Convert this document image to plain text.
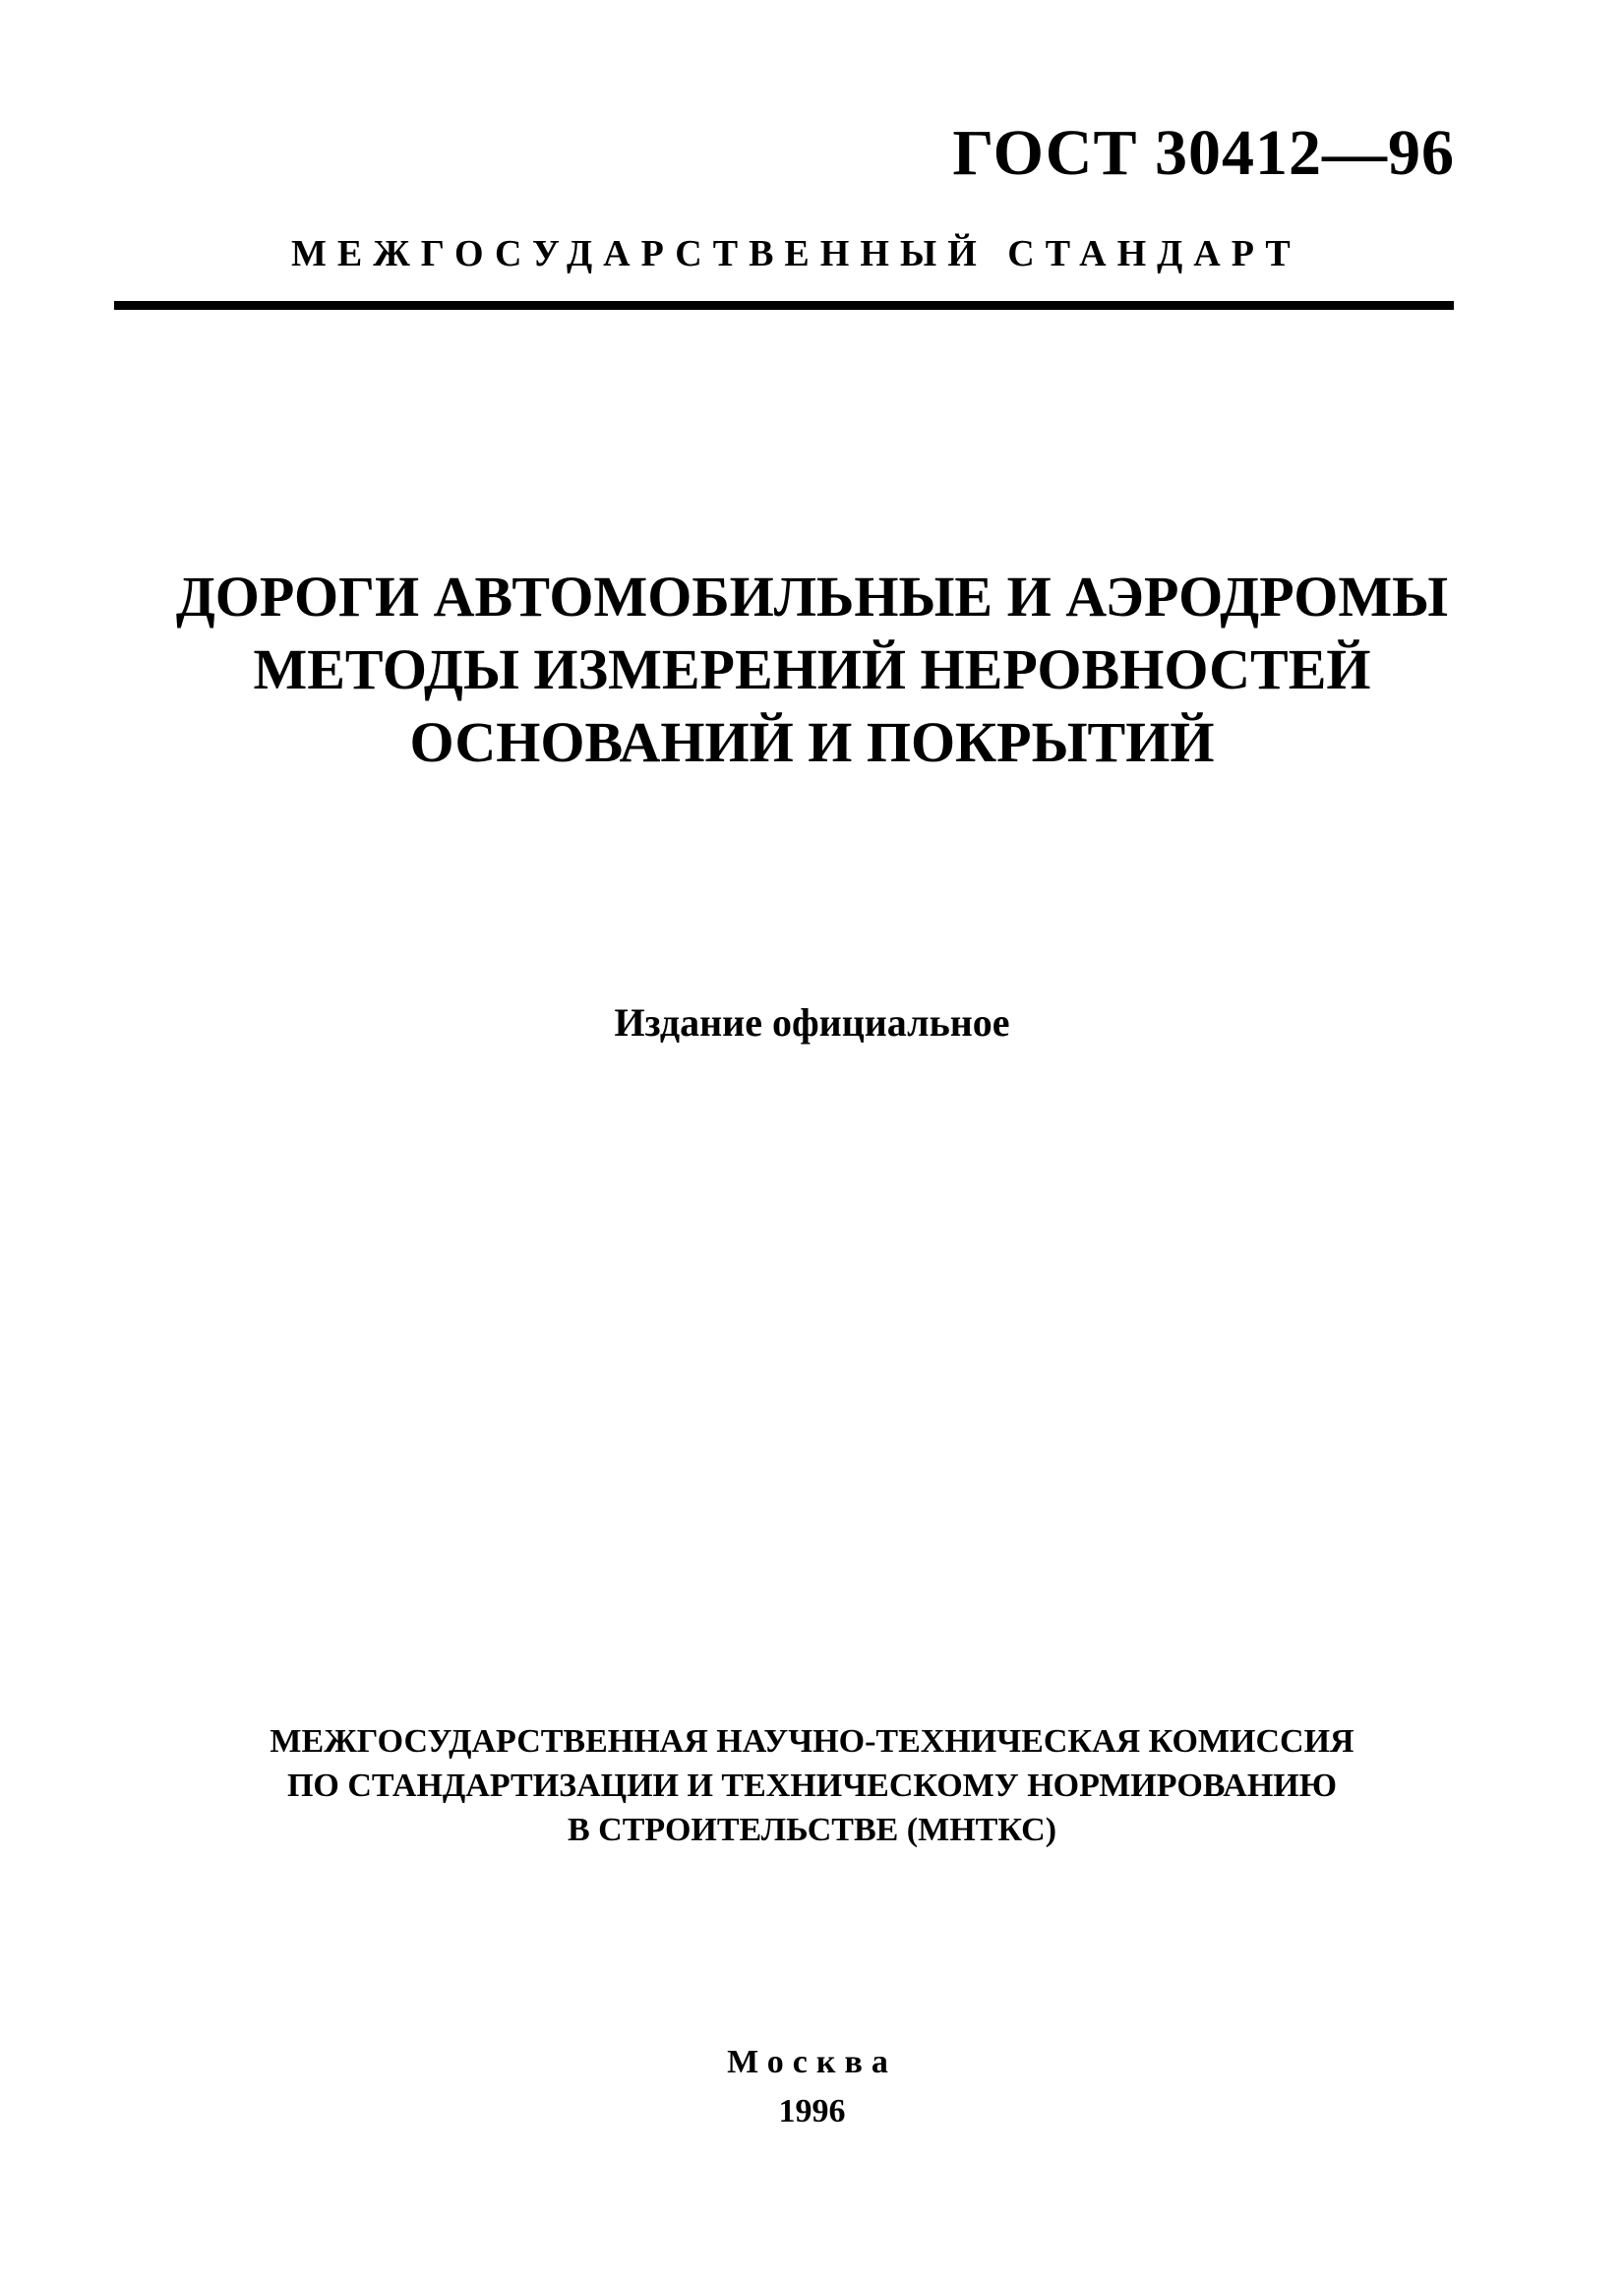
ГОСТ 30412—96
МЕЖГОСУДАРСТВЕННЫЙ СТАНДАРТ
ДОРОГИ АВТОМОБИЛЬНЫЕ И АЭРОДРОМЫ
МЕТОДЫ ИЗМЕРЕНИЙ НЕРОВНОСТЕЙ
ОСНОВАНИЙ И ПОКРЫТИЙ
Издание официальное
МЕЖГОСУДАРСТВЕННАЯ НАУЧНО-ТЕХНИЧЕСКАЯ КОМИССИЯ
ПО СТАНДАРТИЗАЦИИ И ТЕХНИЧЕСКОМУ НОРМИРОВАНИЮ
В СТРОИТЕЛЬСТВЕ (МНТКС)
Москва
1996
